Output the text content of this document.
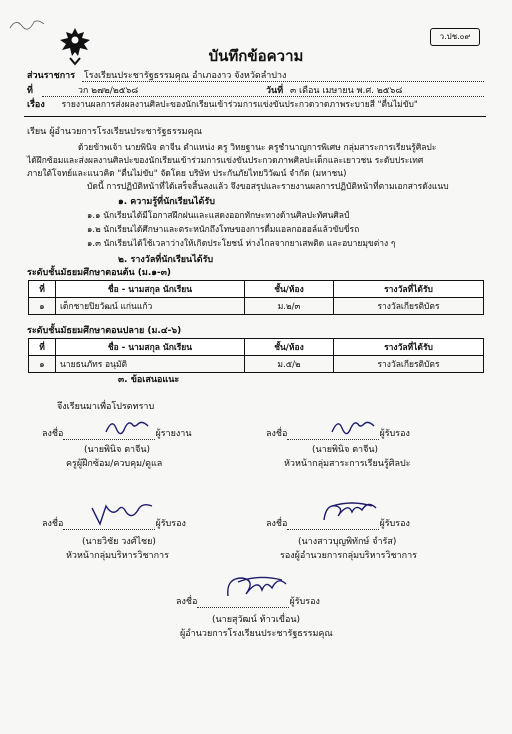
ว.ปช.๐๙
บันทึกข้อความ
ส่วนราชการ โรงเรียนประชารัฐธรรมคุณ อำเภองาว จังหวัดลำปาง
ที่	วก ๒๗๒/๒๕๖๘	วันที่ ๓ เดือน เมษายน พ.ศ. ๒๕๖๘
เรื่อง รายงานผลการส่งผลงานศิลปะของนักเรียนเข้าร่วมการแข่งขันประกวดวาดภาพระบายสี "ตื่นไม่ขับ"
เรียน ผู้อำนวยการโรงเรียนประชารัฐธรรมคุณ
ด้วยข้าพเจ้า นายพินิจ ตาจีน ตำแหน่ง ครู วิทยฐานะ ครูชำนาญการพิเศษ กลุ่มสาระการเรียนรู้ศิลปะ
ได้ฝึกซ้อมและส่งผลงานศิลปะของนักเรียนเข้าร่วมการแข่งขันประกวดภาพศิลปะเด็กและเยาวชน ระดับประเทศ
ภายใต้โจทย์และแนวคิด "ตื่นไม่ขับ" จัดโดย บริษัท ประกันภัยไทยวิวัฒน์ จำกัด (มหาชน)
บัดนี้ การปฏิบัติหน้าที่ได้เสร็จสิ้นลงแล้ว จึงขอสรุปและรายงานผลการปฏิบัติหน้าที่ตามเอกสารดังแนบ
๑. ความรู้ที่นักเรียนได้รับ
๑.๑ นักเรียนได้มีโอกาสฝึกฝนและแสดงออกทักษะทางด้านศิลปะทัศนศิลป์
๑.๒ นักเรียนได้ศึกษาและตระหนักถึงโทษของการดื่มแอลกอฮอล์แล้วขับขี่รถ
๑.๓ นักเรียนได้ใช้เวลาว่างให้เกิดประโยชน์ ห่างไกลจากยาเสพติด และอบายมุขต่าง ๆ
๒. รางวัลที่นักเรียนได้รับ
ระดับชั้นมัธยมศึกษาตอนต้น (ม.๑-๓)
ที่	ชื่อ - นามสกุล นักเรียน	ชั้น/ห้อง	รางวัลที่ได้รับ
๑	เด็กชายปิยวัฒน์ แก่นแก้ว	ม.๒/๓	รางวัลเกียรติบัตร
ระดับชั้นมัธยมศึกษาตอนปลาย (ม.๔-๖)
ที่	ชื่อ - นามสกุล นักเรียน	ชั้น/ห้อง	รางวัลที่ได้รับ
๑	นายธนภัทร อนุมัติ	ม.๕/๒	รางวัลเกียรติบัตร
๓. ข้อเสนอแนะ
จึงเรียนมาเพื่อโปรดทราบ
ลงชื่อ	ผู้รายงาน
(นายพินิจ ตาจีน)
ครูผู้ฝึกซ้อม/ควบคุม/ดูแล
ลงชื่อ	ผู้รับรอง
(นายพินิจ ตาจีน)
หัวหน้ากลุ่มสาระการเรียนรู้ศิลปะ
ลงชื่อ	ผู้รับรอง
(นายวิชัย วงศ์ไชย)
หัวหน้ากลุ่มบริหารวิชาการ
ลงชื่อ	ผู้รับรอง
(นางสาวบุญพิทักษ์ จำรัส)
รองผู้อำนวยการกลุ่มบริหารวิชาการ
ลงชื่อ	ผู้รับรอง
(นายสุวัฒน์ ท้าวเขื่อน)
ผู้อำนวยการโรงเรียนประชารัฐธรรมคุณ
